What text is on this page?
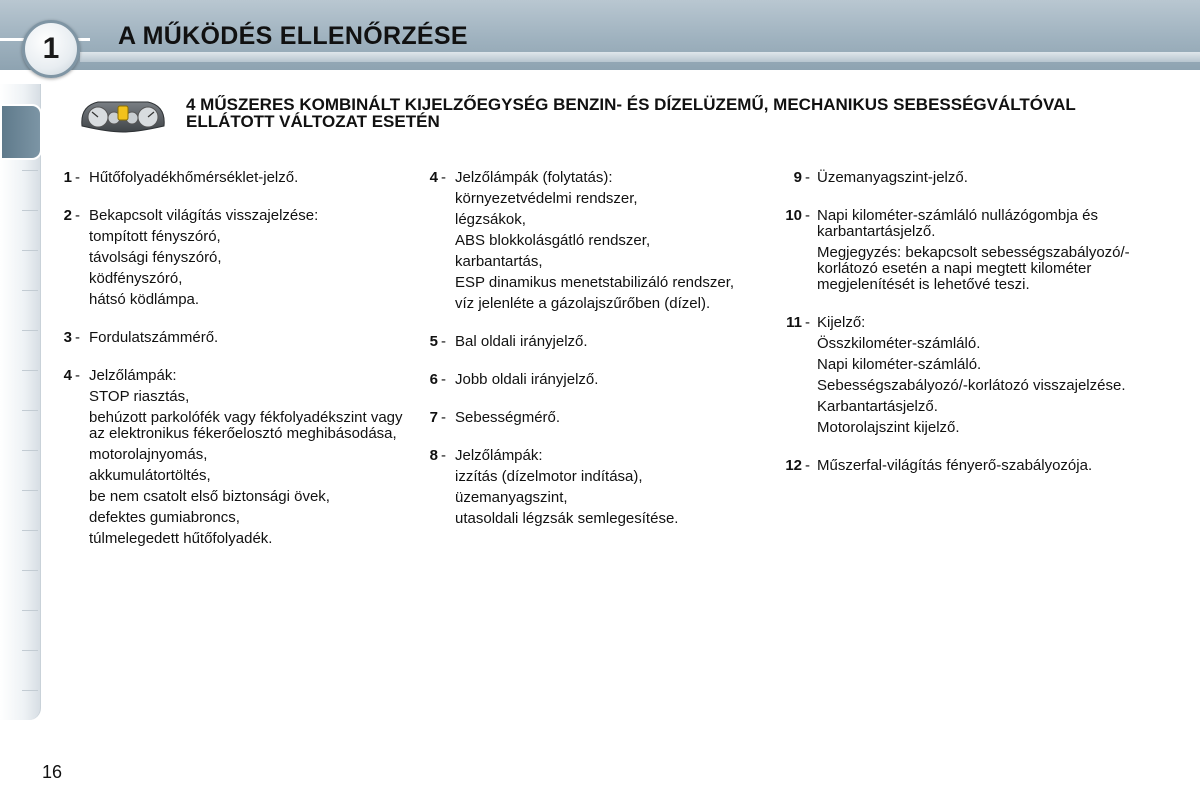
1	A MŰKÖDÉS ELLENŐRZÉSE
4 MŰSZERES KOMBINÁLT KIJELZŐEGYSÉG BENZIN- ÉS DÍZELÜZEMŰ, MECHANIKUS SEBESSÉGVÁLTÓVAL ELLÁTOTT VÁLTOZAT ESETÉN
1 - Hűtőfolyadékhőmérséklet-jelző.
2 - Bekapcsolt világítás visszajelzése:
tompított fényszóró,
távolsági fényszóró,
ködfényszóró,
hátsó ködlámpa.
3 - Fordulatszámmérő.
4 - Jelzőlámpák:
STOP riasztás,
behúzott parkolófék vagy fékfolyadékszint vagy az elektronikus fékerőelosztó meghibásodása,
motorolajnyomás,
akkumulátortöltés,
be nem csatolt első biztonsági övek,
defektes gumiabroncs,
túlmelegedett hűtőfolyadék.
4 - Jelzőlámpák (folytatás):
környezetvédelmi rendszer,
légzsákok,
ABS blokkolásgátló rendszer,
karbantartás,
ESP dinamikus menetstabilizáló rendszer,
víz jelenléte a gázolajszűrőben (dízel).
5 - Bal oldali irányjelző.
6 - Jobb oldali irányjelző.
7 - Sebességmérő.
8 - Jelzőlámpák:
izzítás (dízelmotor indítása),
üzemanyagszint,
utasoldali légzsák semlegesítése.
9 - Üzemanyagszint-jelző.
10 - Napi kilométer-számláló nullázógombja és karbantartásjelző.
Megjegyzés: bekapcsolt sebességszabályozó/-korlátozó esetén a napi megtett kilométer megjelenítését is lehetővé teszi.
11 - Kijelző:
Összkilométer-számláló.
Napi kilométer-számláló.
Sebességszabályozó/-korlátozó visszajelzése.
Karbantartásjelző.
Motorolajszint kijelző.
12 - Műszerfal-világítás fényerő-szabályozója.
16
